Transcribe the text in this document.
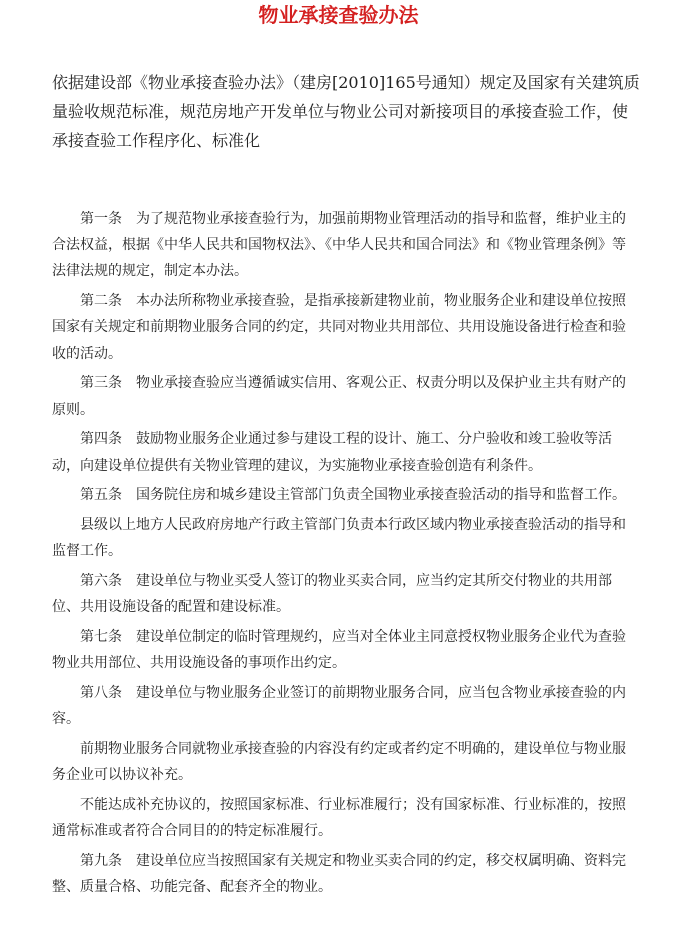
物业承接查验办法

依据建设部《物业承接查验办法》（建房[2010]165号通知）规定及国家有关建筑质量验收规范标准，规范房地产开发单位与物业公司对新接项目的承接查验工作，使承接查验工作程序化、标准化

第一条　为了规范物业承接查验行为，加强前期物业管理活动的指导和监督，维护业主的合法权益，根据《中华人民共和国物权法》、《中华人民共和国合同法》和《物业管理条例》等法律法规的规定，制定本办法。

第二条　本办法所称物业承接查验，是指承接新建物业前，物业服务企业和建设单位按照国家有关规定和前期物业服务合同的约定，共同对物业共用部位、共用设施设备进行检查和验收的活动。

第三条　物业承接查验应当遵循诚实信用、客观公正、权责分明以及保护业主共有财产的原则。

第四条　鼓励物业服务企业通过参与建设工程的设计、施工、分户验收和竣工验收等活动，向建设单位提供有关物业管理的建议，为实施物业承接查验创造有利条件。

第五条　国务院住房和城乡建设主管部门负责全国物业承接查验活动的指导和监督工作。

县级以上地方人民政府房地产行政主管部门负责本行政区域内物业承接查验活动的指导和监督工作。

第六条　建设单位与物业买受人签订的物业买卖合同，应当约定其所交付物业的共用部位、共用设施设备的配置和建设标准。

第七条　建设单位制定的临时管理规约，应当对全体业主同意授权物业服务企业代为查验物业共用部位、共用设施设备的事项作出约定。

第八条　建设单位与物业服务企业签订的前期物业服务合同，应当包含物业承接查验的内容。

前期物业服务合同就物业承接查验的内容没有约定或者约定不明确的，建设单位与物业服务企业可以协议补充。

不能达成补充协议的，按照国家标准、行业标准履行；没有国家标准、行业标准的，按照通常标准或者符合合同目的的特定标准履行。

第九条　建设单位应当按照国家有关规定和物业买卖合同的约定，移交权属明确、资料完整、质量合格、功能完备、配套齐全的物业。
